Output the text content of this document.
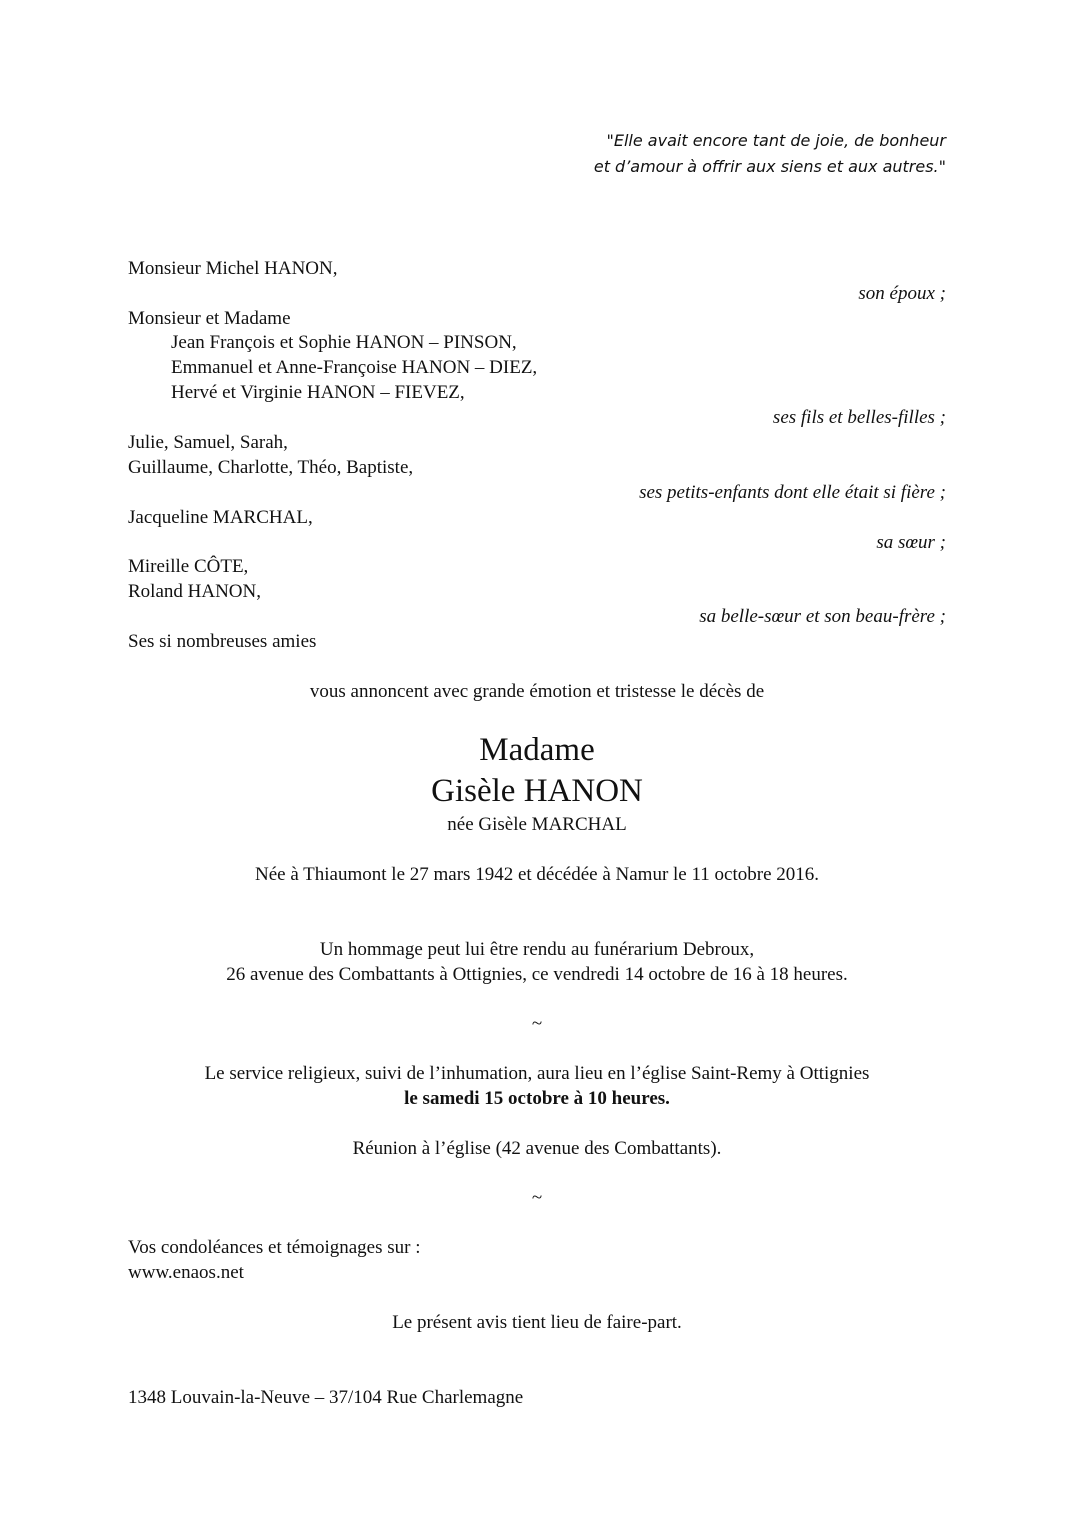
"Elle avait encore tant de joie, de bonheur
et d’amour à offrir aux siens et aux autres."
Monsieur Michel HANON,
son époux ;
Monsieur et Madame
Jean François et Sophie HANON – PINSON,
Emmanuel et Anne-Françoise HANON – DIEZ,
Hervé et Virginie HANON – FIEVEZ,
ses fils et belles-filles ;
Julie, Samuel, Sarah,
Guillaume, Charlotte, Théo, Baptiste,
ses petits-enfants dont elle était si fière ;
Jacqueline MARCHAL,
sa sœur ;
Mireille CÔTE,
Roland HANON,
sa belle-sœur et son beau-frère ;
Ses si nombreuses amies
vous annoncent avec grande émotion et tristesse le décès de
Madame
Gisèle HANON
née Gisèle MARCHAL
Née à Thiaumont le 27 mars 1942 et décédée à Namur le 11 octobre 2016.
Un hommage peut lui être rendu au funérarium Debroux,
26 avenue des Combattants à Ottignies, ce vendredi 14 octobre de 16 à 18 heures.
~
Le service religieux, suivi de l’inhumation, aura lieu en l’église Saint-Remy à Ottignies
le samedi 15 octobre à 10 heures.
Réunion à l’église (42 avenue des Combattants).
~
Vos condoléances et témoignages sur :
www.enaos.net
Le présent avis tient lieu de faire-part.
1348 Louvain-la-Neuve – 37/104 Rue Charlemagne
